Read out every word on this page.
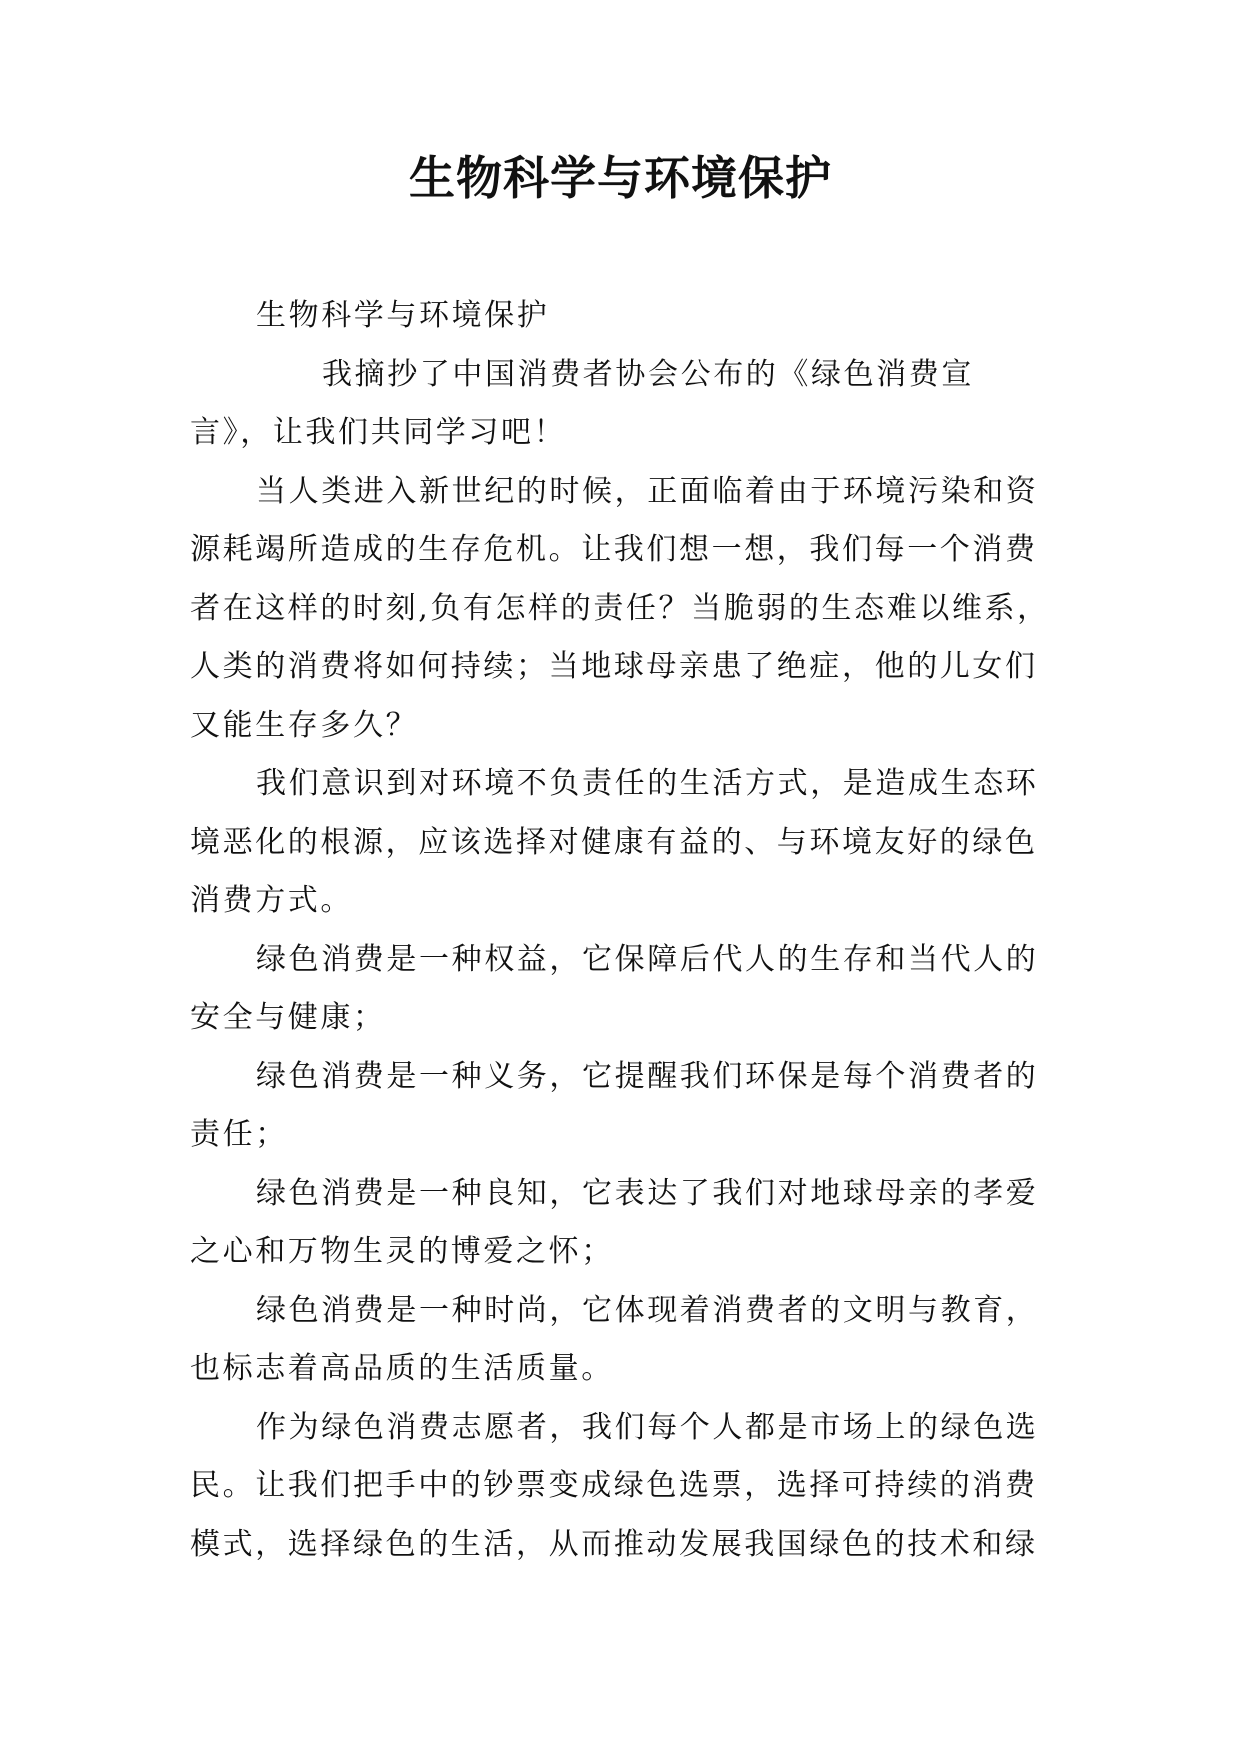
生物科学与环境保护

生物科学与环境保护

我摘抄了中国消费者协会公布的《绿色消费宣言》，让我们共同学习吧！

当人类进入新世纪的时候，正面临着由于环境污染和资源耗竭所造成的生存危机。让我们想一想，我们每一个消费者在这样的时刻,负有怎样的责任？当脆弱的生态难以维系，人类的消费将如何持续；当地球母亲患了绝症，他的儿女们又能生存多久？

我们意识到对环境不负责任的生活方式，是造成生态环境恶化的根源，应该选择对健康有益的、与环境友好的绿色消费方式。

绿色消费是一种权益，它保障后代人的生存和当代人的安全与健康；

绿色消费是一种义务，它提醒我们环保是每个消费者的责任；

绿色消费是一种良知，它表达了我们对地球母亲的孝爱之心和万物生灵的博爱之怀；

绿色消费是一种时尚，它体现着消费者的文明与教育，也标志着高品质的生活质量。

作为绿色消费志愿者，我们每个人都是市场上的绿色选民。让我们把手中的钞票变成绿色选票，选择可持续的消费模式，选择绿色的生活，从而推动发展我国绿色的技术和绿
